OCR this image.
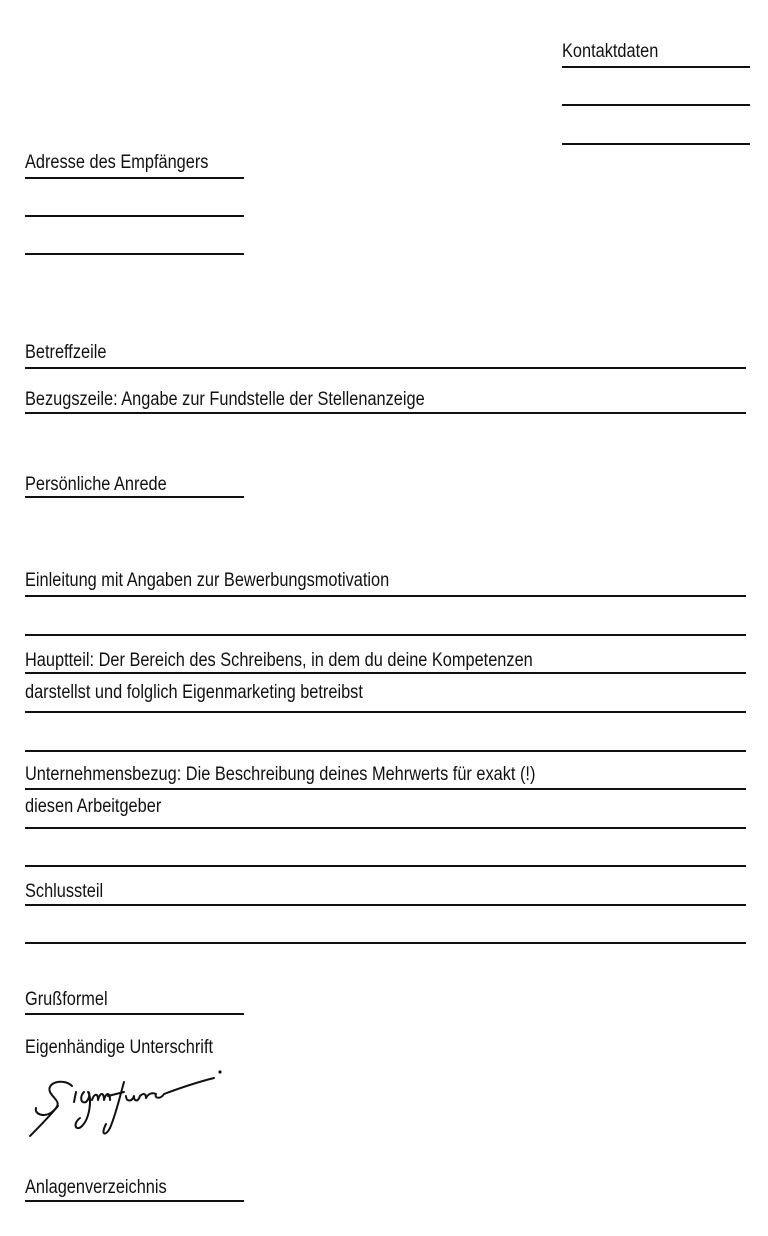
Kontaktdaten
Adresse des Empfängers
Betreffzeile
Bezugszeile: Angabe zur Fundstelle der Stellenanzeige
Persönliche Anrede
Einleitung mit Angaben zur Bewerbungsmotivation
Hauptteil: Der Bereich des Schreibens, in dem du deine Kompetenzen
darstellst und folglich Eigenmarketing betreibst
Unternehmensbezug: Die Beschreibung deines Mehrwerts für exakt (!)
diesen Arbeitgeber
Schlussteil
Grußformel
Eigenhändige Unterschrift
Anlagenverzeichnis
